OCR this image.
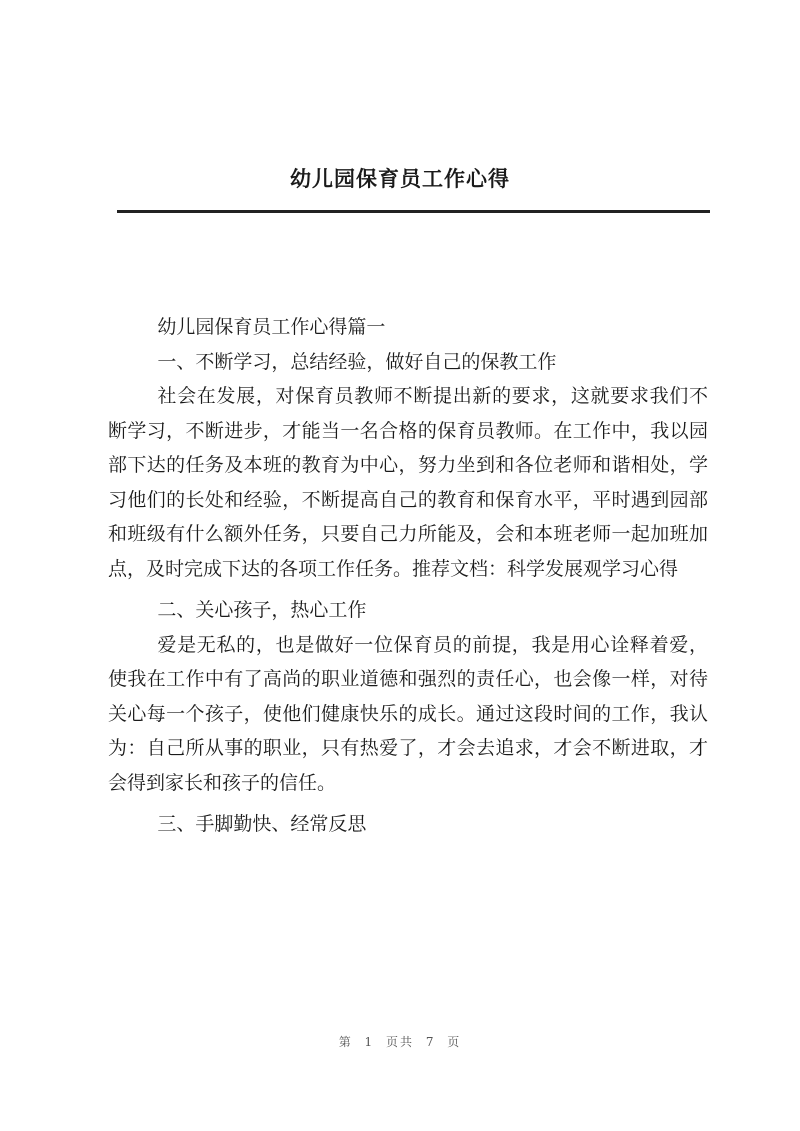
幼儿园保育员工作心得

幼儿园保育员工作心得篇一

一、不断学习，总结经验，做好自己的保教工作

社会在发展，对保育员教师不断提出新的要求，这就要求我们不断学习，不断进步，才能当一名合格的保育员教师。在工作中，我以园部下达的任务及本班的教育为中心，努力坐到和各位老师和谐相处，学习他们的长处和经验，不断提高自己的教育和保育水平，平时遇到园部和班级有什么额外任务，只要自己力所能及，会和本班老师一起加班加点，及时完成下达的各项工作任务。推荐文档：科学发展观学习心得

二、关心孩子，热心工作

爱是无私的，也是做好一位保育员的前提，我是用心诠释着爱，使我在工作中有了高尚的职业道德和强烈的责任心，也会像一样，对待关心每一个孩子，使他们健康快乐的成长。通过这段时间的工作，我认为：自己所从事的职业，只有热爱了，才会去追求，才会不断进取，才会得到家长和孩子的信任。

三、手脚勤快、经常反思

第 1 页共 7 页
